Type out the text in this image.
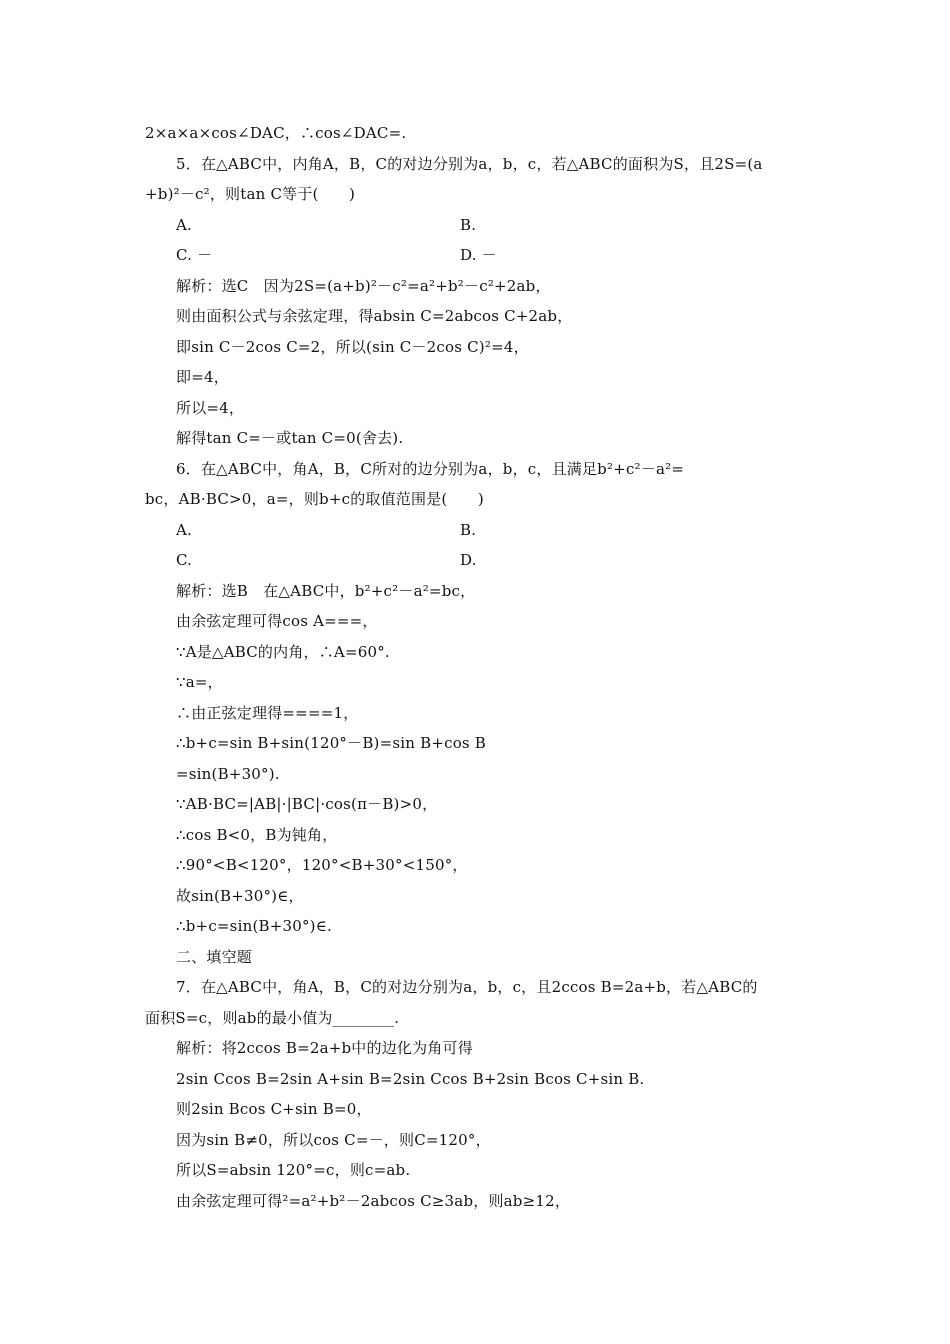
2×a×a×cos∠DAC，∴cos∠DAC=.
5．在△ABC中，内角A，B，C的对边分别为a，b，c，若△ABC的面积为S，且2S=(a
+b)²－c²，则tan C等于(　　)
A.	B.
C. －	D. －
解析：选C　因为2S=(a+b)²－c²=a²+b²－c²+2ab，
则由面积公式与余弦定理，得absin C=2abcos C+2ab，
即sin C－2cos C=2，所以(sin C－2cos C)²=4，
即=4，
所以=4，
解得tan C=－或tan C=0(舍去).
6．在△ABC中，角A，B，C所对的边分别为a，b，c，且满足b²+c²－a²=
bc，AB·BC>0，a=，则b+c的取值范围是(　　)
A.	B.
C.	D.
解析：选B　在△ABC中，b²+c²－a²=bc，
由余弦定理可得cos A===，
∵A是△ABC的内角，∴A=60°.
∵a=，
∴由正弦定理得====1，
∴b+c=sin B+sin(120°－B)=sin B+cos B
=sin(B+30°).
∵AB·BC=|AB|·|BC|·cos(π－B)>0，
∴cos B<0，B为钝角，
∴90°<B<120°，120°<B+30°<150°，
故sin(B+30°)∈，
∴b+c=sin(B+30°)∈.
二、填空题
7．在△ABC中，角A，B，C的对边分别为a，b，c，且2ccos B=2a+b，若△ABC的
面积S=c，则ab的最小值为________.
解析：将2ccos B=2a+b中的边化为角可得
2sin Ccos B=2sin A+sin B=2sin Ccos B+2sin Bcos C+sin B.
则2sin Bcos C+sin B=0，
因为sin B≠0，所以cos C=－，则C=120°，
所以S=absin 120°=c，则c=ab.
由余弦定理可得²=a²+b²－2abcos C≥3ab，则ab≥12，
